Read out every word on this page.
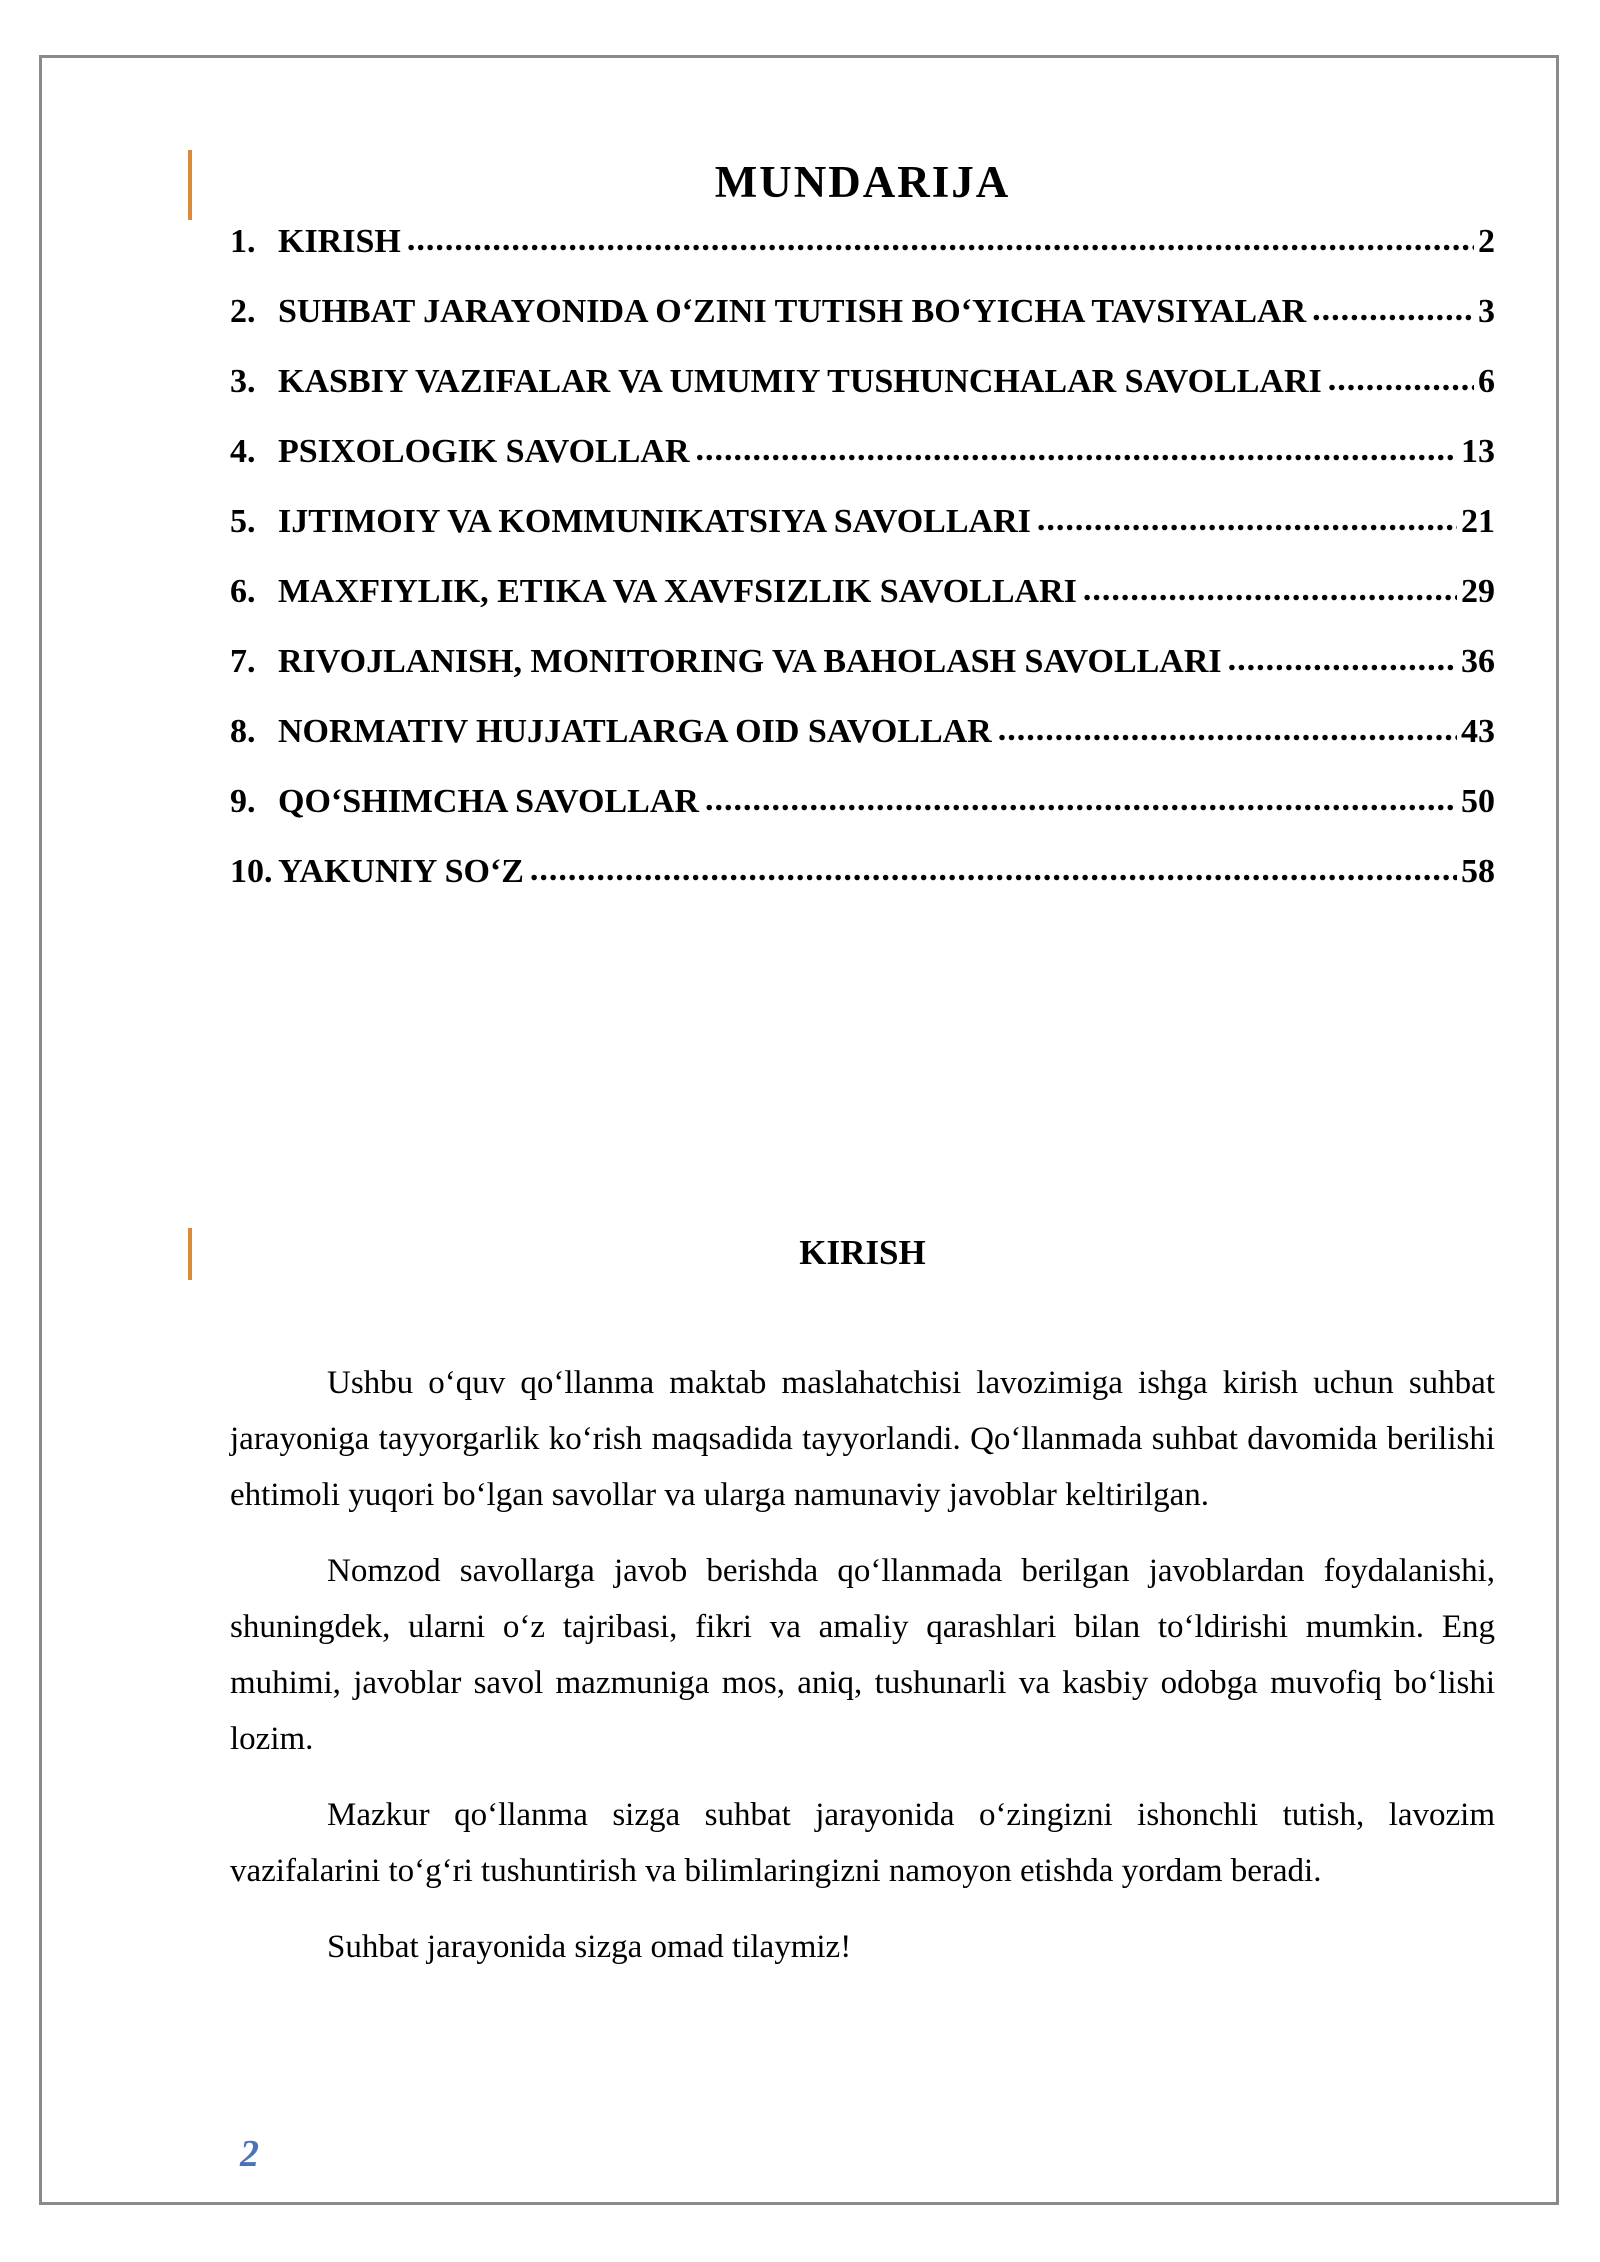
MUNDARIJA
1. KIRISH .....	2
2. SUHBAT JARAYONIDA O‘ZINI TUTISH BO‘YICHA TAVSIYALAR .....	3
3. KASBIY VAZIFALAR VA UMUMIY TUSHUNCHALAR SAVOLLARI .....	6
4. PSIXOLOGIK SAVOLLAR .....	13
5. IJTIMOIY VA KOMMUNIKATSIYA SAVOLLARI .....	21
6. MAXFIYLIK, ETIKA VA XAVFSIZLIK SAVOLLARI .....	29
7. RIVOJLANISH, MONITORING VA BAHOLASH SAVOLLARI .....	36
8. NORMATIV HUJJATLARGA OID SAVOLLAR .....	43
9. QO‘SHIMCHA SAVOLLAR .....	50
10. YAKUNIY SO‘Z .....	58
KIRISH

Ushbu o‘quv qo‘llanma maktab maslahatchisi lavozimiga ishga kirish uchun suhbat jarayoniga tayyorgarlik ko‘rish maqsadida tayyorlandi. Qo‘llanmada suhbat davomida berilishi ehtimoli yuqori bo‘lgan savollar va ularga namunaviy javoblar keltirilgan.

Nomzod savollarga javob berishda qo‘llanmada berilgan javoblardan foydalanishi, shuningdek, ularni o‘z tajribasi, fikri va amaliy qarashlari bilan to‘ldirishi mumkin. Eng muhimi, javoblar savol mazmuniga mos, aniq, tushunarli va kasbiy odobga muvofiq bo‘lishi lozim.

Mazkur qo‘llanma sizga suhbat jarayonida o‘zingizni ishonchli tutish, lavozim vazifalarini to‘g‘ri tushuntirish va bilimlaringizni namoyon etishda yordam beradi.

Suhbat jarayonida sizga omad tilaymiz!

2
